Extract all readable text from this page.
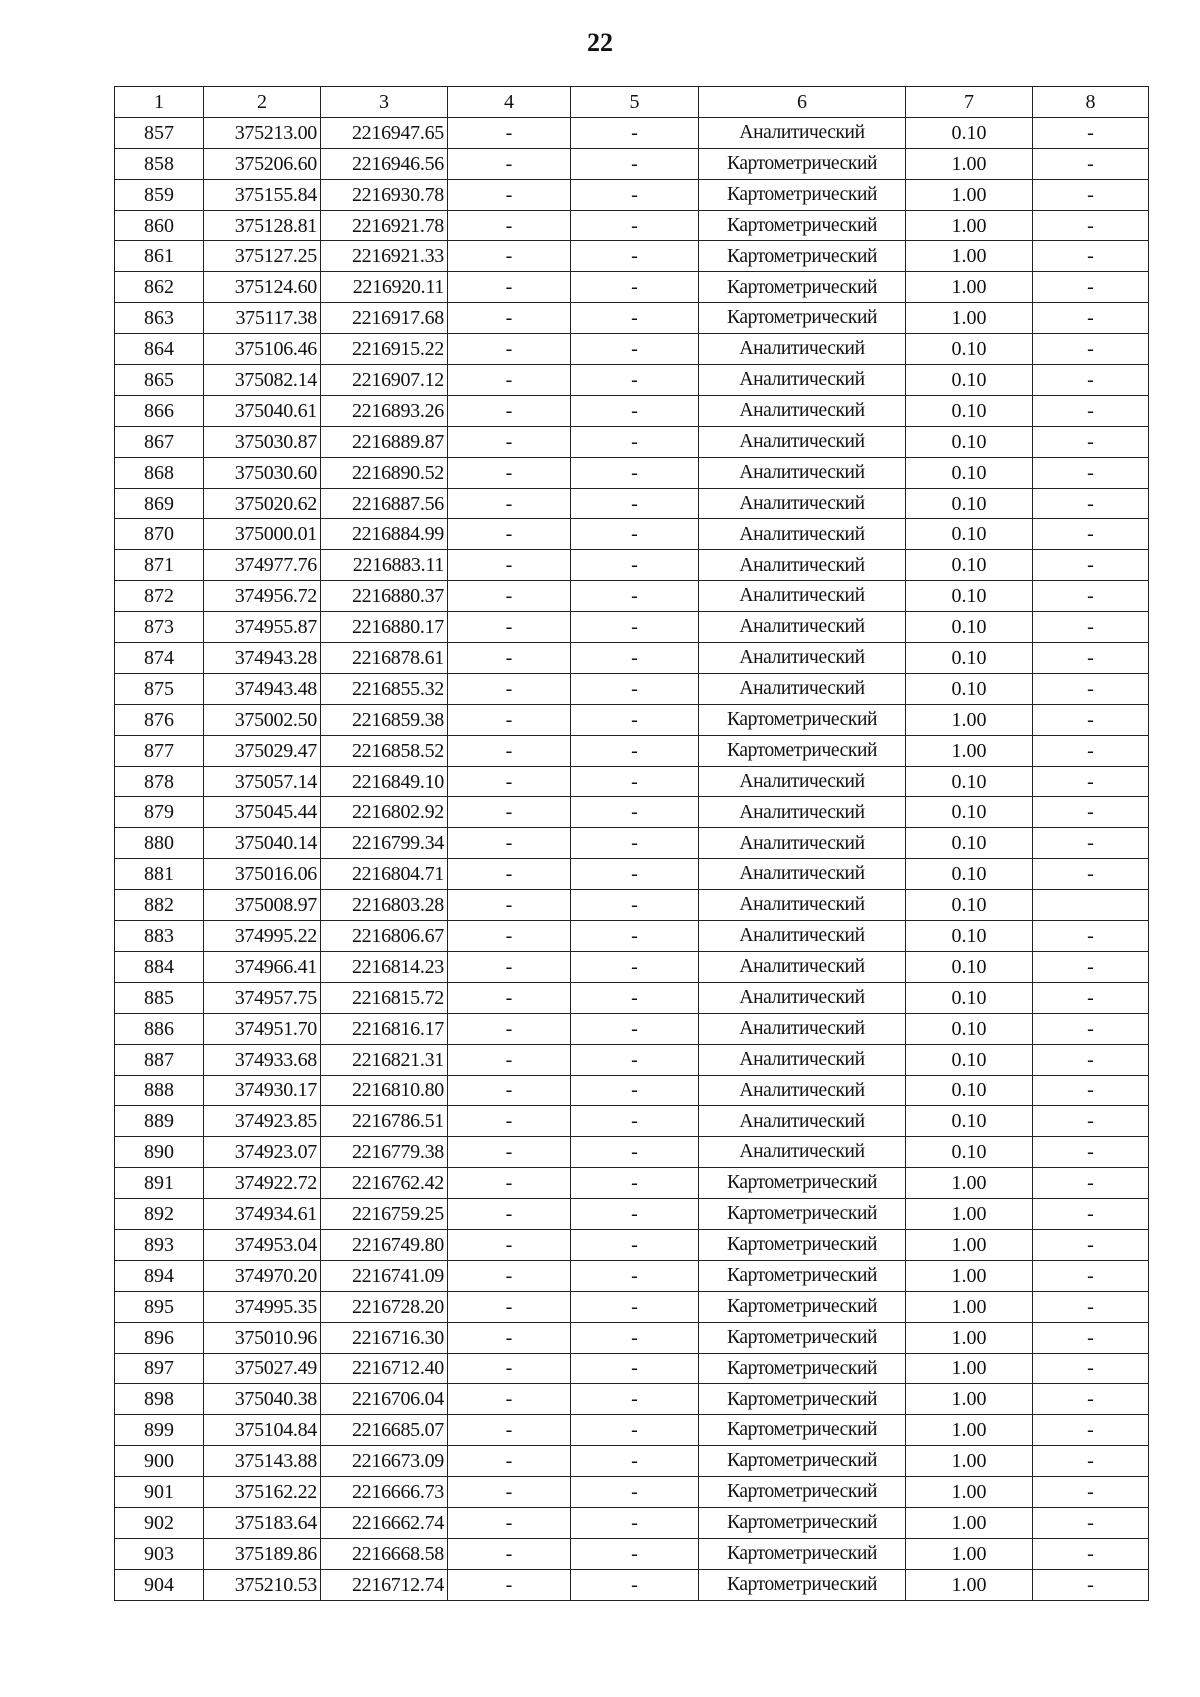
22
1	2	3	4	5	6	7	8
857	375213.00	2216947.65	-	-	Аналитический	0.10	-
858	375206.60	2216946.56	-	-	Картометрический	1.00	-
859	375155.84	2216930.78	-	-	Картометрический	1.00	-
860	375128.81	2216921.78	-	-	Картометрический	1.00	-
861	375127.25	2216921.33	-	-	Картометрический	1.00	-
862	375124.60	2216920.11	-	-	Картометрический	1.00	-
863	375117.38	2216917.68	-	-	Картометрический	1.00	-
864	375106.46	2216915.22	-	-	Аналитический	0.10	-
865	375082.14	2216907.12	-	-	Аналитический	0.10	-
866	375040.61	2216893.26	-	-	Аналитический	0.10	-
867	375030.87	2216889.87	-	-	Аналитический	0.10	-
868	375030.60	2216890.52	-	-	Аналитический	0.10	-
869	375020.62	2216887.56	-	-	Аналитический	0.10	-
870	375000.01	2216884.99	-	-	Аналитический	0.10	-
871	374977.76	2216883.11	-	-	Аналитический	0.10	-
872	374956.72	2216880.37	-	-	Аналитический	0.10	-
873	374955.87	2216880.17	-	-	Аналитический	0.10	-
874	374943.28	2216878.61	-	-	Аналитический	0.10	-
875	374943.48	2216855.32	-	-	Аналитический	0.10	-
876	375002.50	2216859.38	-	-	Картометрический	1.00	-
877	375029.47	2216858.52	-	-	Картометрический	1.00	-
878	375057.14	2216849.10	-	-	Аналитический	0.10	-
879	375045.44	2216802.92	-	-	Аналитический	0.10	-
880	375040.14	2216799.34	-	-	Аналитический	0.10	-
881	375016.06	2216804.71	-	-	Аналитический	0.10	-
882	375008.97	2216803.28	-	-	Аналитический	0.10	
883	374995.22	2216806.67	-	-	Аналитический	0.10	-
884	374966.41	2216814.23	-	-	Аналитический	0.10	-
885	374957.75	2216815.72	-	-	Аналитический	0.10	-
886	374951.70	2216816.17	-	-	Аналитический	0.10	-
887	374933.68	2216821.31	-	-	Аналитический	0.10	-
888	374930.17	2216810.80	-	-	Аналитический	0.10	-
889	374923.85	2216786.51	-	-	Аналитический	0.10	-
890	374923.07	2216779.38	-	-	Аналитический	0.10	-
891	374922.72	2216762.42	-	-	Картометрический	1.00	-
892	374934.61	2216759.25	-	-	Картометрический	1.00	-
893	374953.04	2216749.80	-	-	Картометрический	1.00	-
894	374970.20	2216741.09	-	-	Картометрический	1.00	-
895	374995.35	2216728.20	-	-	Картометрический	1.00	-
896	375010.96	2216716.30	-	-	Картометрический	1.00	-
897	375027.49	2216712.40	-	-	Картометрический	1.00	-
898	375040.38	2216706.04	-	-	Картометрический	1.00	-
899	375104.84	2216685.07	-	-	Картометрический	1.00	-
900	375143.88	2216673.09	-	-	Картометрический	1.00	-
901	375162.22	2216666.73	-	-	Картометрический	1.00	-
902	375183.64	2216662.74	-	-	Картометрический	1.00	-
903	375189.86	2216668.58	-	-	Картометрический	1.00	-
904	375210.53	2216712.74	-	-	Картометрический	1.00	-
